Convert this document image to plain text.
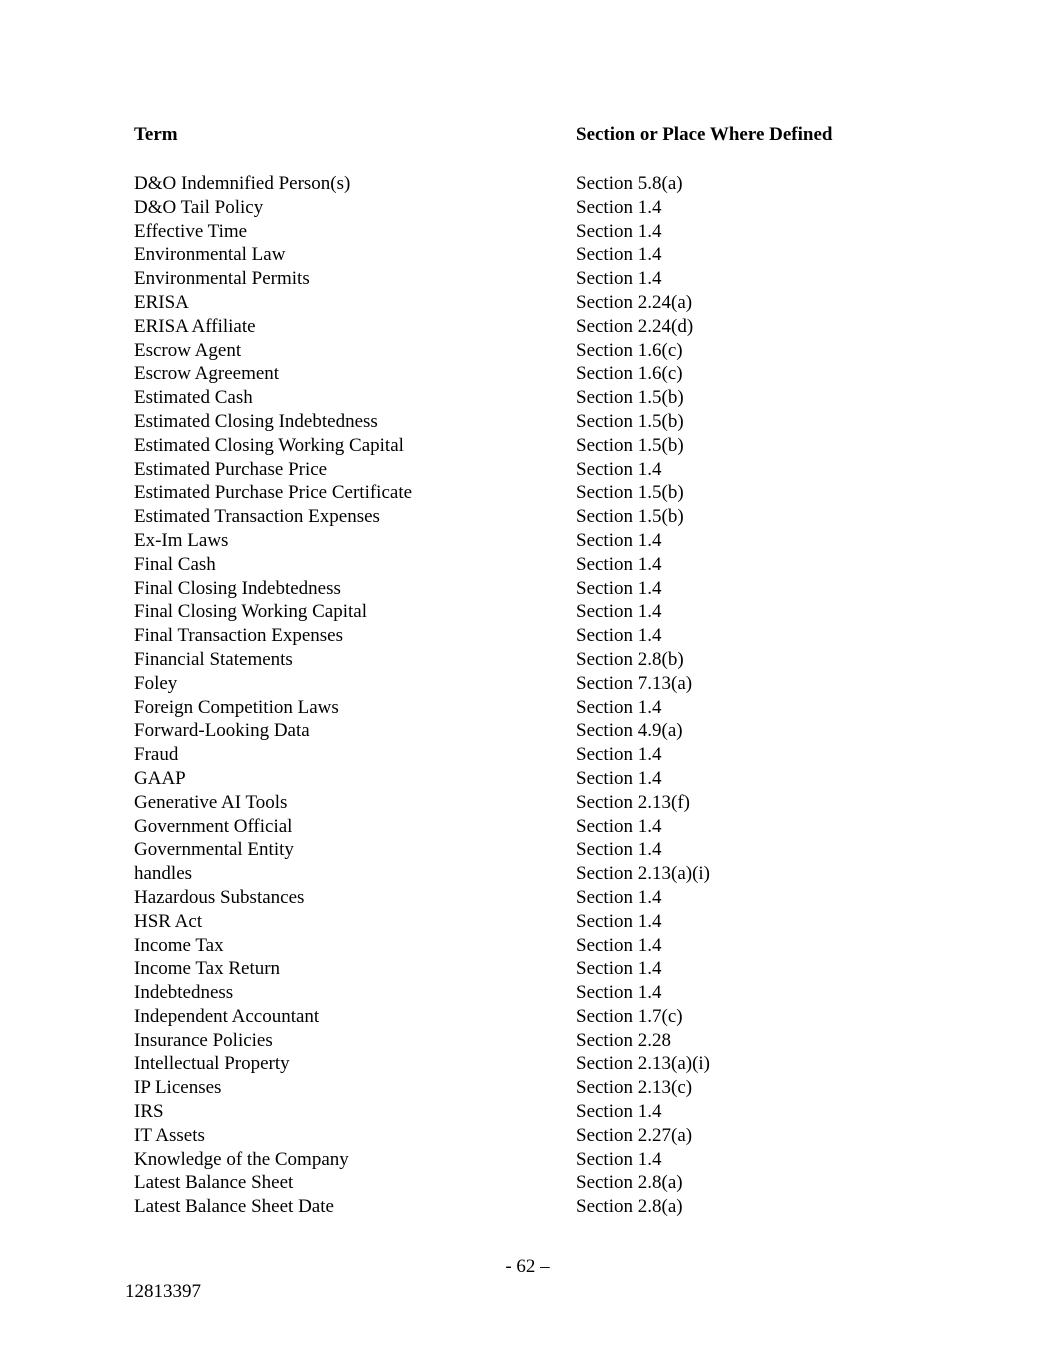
Term	Section or Place Where Defined
D&O Indemnified Person(s)	Section 5.8(a)
D&O Tail Policy	Section 1.4
Effective Time	Section 1.4
Environmental Law	Section 1.4
Environmental Permits	Section 1.4
ERISA	Section 2.24(a)
ERISA Affiliate	Section 2.24(d)
Escrow Agent	Section 1.6(c)
Escrow Agreement	Section 1.6(c)
Estimated Cash	Section 1.5(b)
Estimated Closing Indebtedness	Section 1.5(b)
Estimated Closing Working Capital	Section 1.5(b)
Estimated Purchase Price	Section 1.4
Estimated Purchase Price Certificate	Section 1.5(b)
Estimated Transaction Expenses	Section 1.5(b)
Ex-Im Laws	Section 1.4
Final Cash	Section 1.4
Final Closing Indebtedness	Section 1.4
Final Closing Working Capital	Section 1.4
Final Transaction Expenses	Section 1.4
Financial Statements	Section 2.8(b)
Foley	Section 7.13(a)
Foreign Competition Laws	Section 1.4
Forward-Looking Data	Section 4.9(a)
Fraud	Section 1.4
GAAP	Section 1.4
Generative AI Tools	Section 2.13(f)
Government Official	Section 1.4
Governmental Entity	Section 1.4
handles	Section 2.13(a)(i)
Hazardous Substances	Section 1.4
HSR Act	Section 1.4
Income Tax	Section 1.4
Income Tax Return	Section 1.4
Indebtedness	Section 1.4
Independent Accountant	Section 1.7(c)
Insurance Policies	Section 2.28
Intellectual Property	Section 2.13(a)(i)
IP Licenses	Section 2.13(c)
IRS	Section 1.4
IT Assets	Section 2.27(a)
Knowledge of the Company	Section 1.4
Latest Balance Sheet	Section 2.8(a)
Latest Balance Sheet Date	Section 2.8(a)
- 62 –
12813397
